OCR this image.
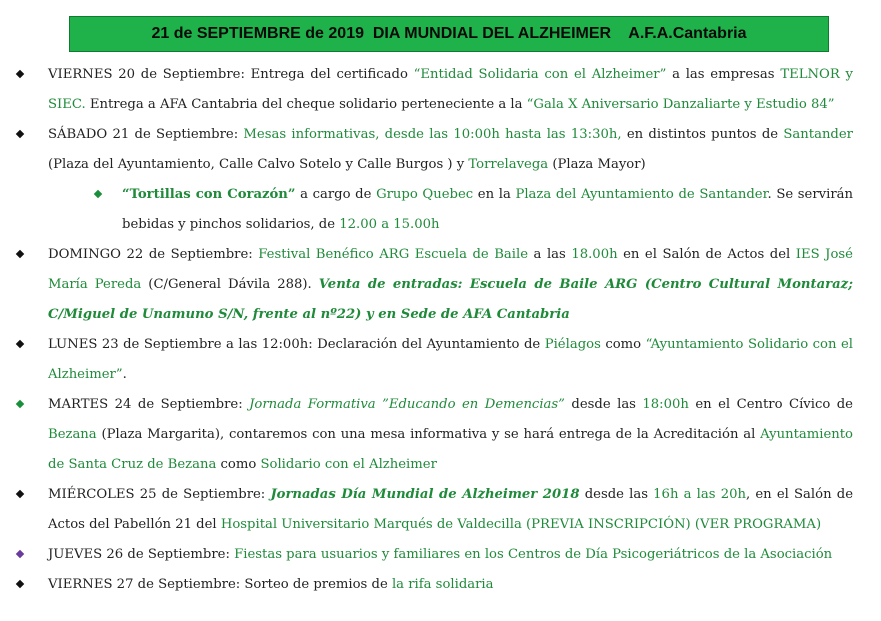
21 de SEPTIEMBRE de 2019  DIA MUNDIAL DEL ALZHEIMER    A.F.A.Cantabria
VIERNES 20 de Septiembre: Entrega del certificado “Entidad Solidaria con el Alzheimer” a las empresas TELNOR y SIEC. Entrega a AFA Cantabria del cheque solidario perteneciente a la “Gala X Aniversario Danzaliarte y Estudio 84”
SÁBADO 21 de Septiembre: Mesas informativas, desde las 10:00h hasta las 13:30h, en distintos puntos de Santander (Plaza del Ayuntamiento, Calle Calvo Sotelo y Calle Burgos ) y Torrelavega (Plaza Mayor)
“Tortillas con Corazón” a cargo de Grupo Quebec en la Plaza del Ayuntamiento de Santander. Se servirán bebidas y pinchos solidarios, de 12.00 a 15.00h
DOMINGO 22 de Septiembre: Festival Benéfico ARG Escuela de Baile a las 18.00h en el Salón de Actos del IES José María Pereda (C/General Dávila 288). Venta de entradas: Escuela de Baile ARG (Centro Cultural Montaraz; C/Miguel de Unamuno S/N, frente al nº22) y en Sede de AFA Cantabria
LUNES 23 de Septiembre a las 12:00h: Declaración del Ayuntamiento de Piélagos como “Ayuntamiento Solidario con el Alzheimer”.
MARTES 24 de Septiembre: Jornada Formativa ”Educando en Demencias” desde las 18:00h en el Centro Cívico de Bezana (Plaza Margarita), contaremos con una mesa informativa y se hará entrega de la Acreditación al Ayuntamiento de Santa Cruz de Bezana como Solidario con el Alzheimer
MIÉRCOLES 25 de Septiembre: Jornadas Día Mundial de Alzheimer 2018 desde las 16h a las 20h, en el Salón de Actos del Pabellón 21 del Hospital Universitario Marqués de Valdecilla (PREVIA INSCRIPCIÓN) (VER PROGRAMA)
JUEVES 26 de Septiembre: Fiestas para usuarios y familiares en los Centros de Día Psicogeriátricos de la Asociación
VIERNES 27 de Septiembre: Sorteo de premios de la rifa solidaria
